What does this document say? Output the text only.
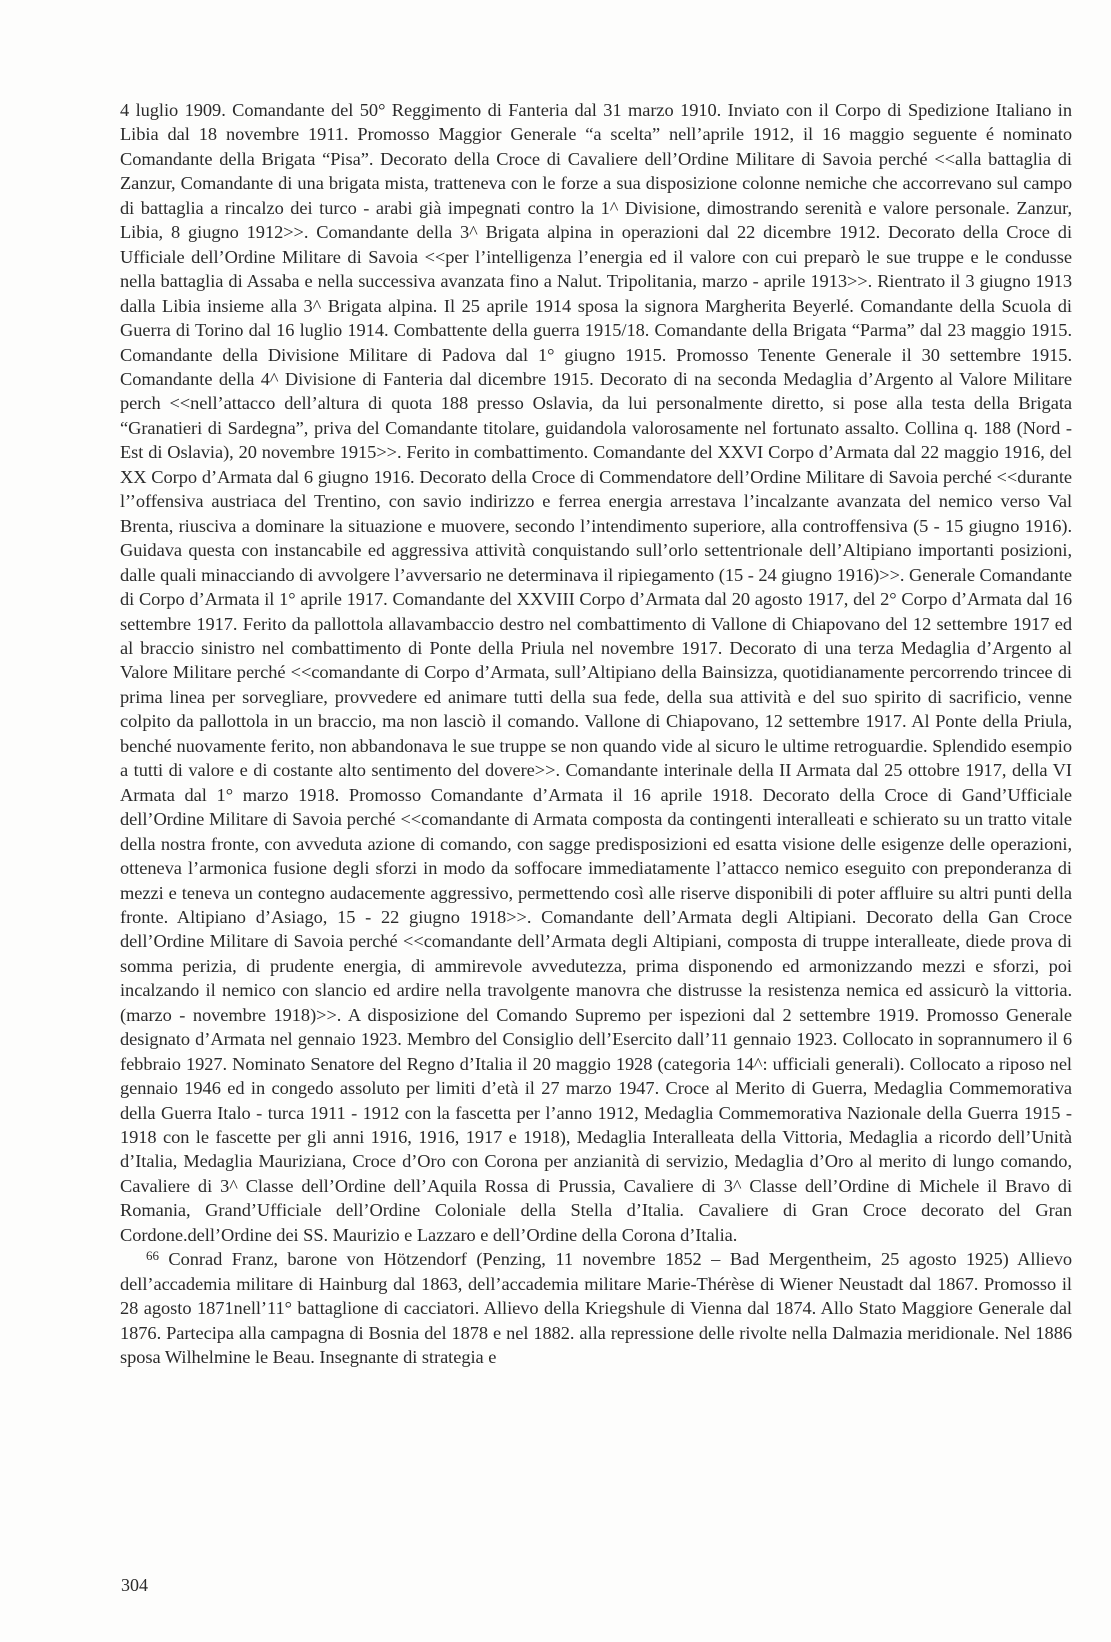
4 luglio 1909. Comandante del 50° Reggimento di Fanteria dal 31 marzo 1910. Inviato con il Corpo di Spedizione Italiano in Libia dal 18 novembre 1911. Promosso Maggior Generale “a scelta” nell’aprile 1912, il 16 maggio seguente é nominato Comandante della Brigata “Pisa”. Decorato della Croce di Cavaliere dell’Ordine Militare di Savoia perché <<alla battaglia di Zanzur, Comandante di una brigata mista, tratteneva con le forze a sua disposizione colonne nemiche che accorrevano sul campo di battaglia a rincalzo dei turco - arabi già impegnati contro la 1^ Divisione, dimostrando serenità e valore personale. Zanzur, Libia, 8 giugno 1912>>. Comandante della 3^ Brigata alpina in operazioni dal 22 dicembre 1912. Decorato della Croce di Ufficiale dell’Ordine Militare di Savoia <<per l’intelligenza l’energia ed il valore con cui preparò le sue truppe e le condusse nella battaglia di Assaba e nella successiva avanzata fino a Nalut. Tripolitania, marzo - aprile 1913>>. Rientrato il 3 giugno 1913 dalla Libia insieme alla 3^ Brigata alpina. Il 25 aprile 1914 sposa la signora Margherita Beyerlé. Comandante della Scuola di Guerra di Torino dal 16 luglio 1914. Combattente della guerra 1915/18. Comandante della Brigata “Parma” dal 23 maggio 1915. Comandante della Divisione Militare di Padova dal 1° giugno 1915. Promosso Tenente Generale il 30 settembre 1915. Comandante della 4^ Divisione di Fanteria dal dicembre 1915. Decorato di na seconda Medaglia d’Argento al Valore Militare perch <<nell’attacco dell’altura di quota 188 presso Oslavia, da lui personalmente diretto, si pose alla testa della Brigata “Granatieri di Sardegna”, priva del Comandante titolare, guidandola valorosamente nel fortunato assalto. Collina q. 188 (Nord - Est di Oslavia), 20 novembre 1915>>. Ferito in combattimento. Comandante del XXVI Corpo d’Armata dal 22 maggio 1916, del XX Corpo d’Armata dal 6 giugno 1916. Decorato della Croce di Commendatore dell’Ordine Militare di Savoia perché <<durante l’’offensiva austriaca del Trentino, con savio indirizzo e ferrea energia arrestava l’incalzante avanzata del nemico verso Val Brenta, riusciva a dominare la situazione e muovere, secondo l’intendimento superiore, alla controffensiva (5 - 15 giugno 1916). Guidava questa con instancabile ed aggressiva attività conquistando sull’orlo settentrionale dell’Altipiano importanti posizioni, dalle quali minacciando di avvolgere l’avversario ne determinava il ripiegamento (15 - 24 giugno 1916)>>. Generale Comandante di Corpo d’Armata il 1° aprile 1917. Comandante del XXVIII Corpo d’Armata dal 20 agosto 1917, del 2° Corpo d’Armata dal 16 settembre 1917. Ferito da pallottola allavambaccio destro nel combattimento di Vallone di Chiapovano del 12 settembre 1917 ed al braccio sinistro nel combattimento di Ponte della Priula nel novembre 1917. Decorato di una terza Medaglia d’Argento al Valore Militare perché <<comandante di Corpo d’Armata, sull’Altipiano della Bainsizza, quotidianamente percorrendo trincee di prima linea per sorvegliare, provvedere ed animare tutti della sua fede, della sua attività e del suo spirito di sacrificio, venne colpito da pallottola in un braccio, ma non lasciò il comando. Vallone di Chiapovano, 12 settembre 1917. Al Ponte della Priula, benché nuovamente ferito, non abbandonava le sue truppe se non quando vide al sicuro le ultime retroguardie. Splendido esempio a tutti di valore e di costante alto sentimento del dovere>>. Comandante interinale della II Armata dal 25 ottobre 1917, della VI Armata dal 1° marzo 1918. Promosso Comandante d’Armata il 16 aprile 1918. Decorato della Croce di Gand’Ufficiale dell’Ordine Militare di Savoia perché <<comandante di Armata composta da contingenti interalleati e schierato su un tratto vitale della nostra fronte, con avveduta azione di comando, con sagge predisposizioni ed esatta visione delle esigenze delle operazioni, otteneva l’armonica fusione degli sforzi in modo da soffocare immediatamente l’attacco nemico eseguito con preponderanza di mezzi e teneva un contegno audacemente aggressivo, permettendo così alle riserve disponibili di poter affluire su altri punti della fronte. Altipiano d’Asiago, 15 - 22 giugno 1918>>. Comandante dell’Armata degli Altipiani. Decorato della Gan Croce dell’Ordine Militare di Savoia perché <<comandante dell’Armata degli Altipiani, composta di truppe interalleate, diede prova di somma perizia, di prudente energia, di ammirevole avvedutezza, prima disponendo ed armonizzando mezzi e sforzi, poi incalzando il nemico con slancio ed ardire nella travolgente manovra che distrusse la resistenza nemica ed assicurò la vittoria. (marzo - novembre 1918)>>. A disposizione del Comando Supremo per ispezioni dal 2 settembre 1919. Promosso Generale designato d’Armata nel gennaio 1923. Membro del Consiglio dell’Esercito dall’11 gennaio 1923. Collocato in soprannumero il 6 febbraio 1927. Nominato Senatore del Regno d’Italia il 20 maggio 1928 (categoria 14^: ufficiali generali). Collocato a riposo nel gennaio 1946 ed in congedo assoluto per limiti d’età il 27 marzo 1947. Croce al Merito di Guerra, Medaglia Commemorativa della Guerra Italo - turca 1911 - 1912 con la fascetta per l’anno 1912, Medaglia Commemorativa Nazionale della Guerra 1915 - 1918 con le fascette per gli anni 1916, 1916, 1917 e 1918), Medaglia Interalleata della Vittoria, Medaglia a ricordo dell’Unità d’Italia, Medaglia Mauriziana, Croce d’Oro con Corona per anzianità di servizio, Medaglia d’Oro al merito di lungo comando, Cavaliere di 3^ Classe dell’Ordine dell’Aquila Rossa di Prussia, Cavaliere di 3^ Classe dell’Ordine di Michele il Bravo di Romania, Grand’Ufficiale dell’Ordine Coloniale della Stella d’Italia. Cavaliere di Gran Croce decorato del Gran Cordone.dell’Ordine dei SS. Maurizio e Lazzaro e dell’Ordine della Corona d’Italia.

$^{66}$ Conrad Franz, barone von Hötzendorf (Penzing, 11 novembre 1852 – Bad Mergentheim, 25 agosto 1925) Allievo dell’accademia militare di Hainburg dal 1863, dell’accademia militare Marie-Thérèse di Wiener Neustadt dal 1867. Promosso il 28 agosto 1871nell’11° battaglione di cacciatori. Allievo della Kriegshule di Vienna dal 1874. Allo Stato Maggiore Generale dal 1876. Partecipa alla campagna di Bosnia del 1878 e nel 1882. alla repressione delle rivolte nella Dalmazia meridionale. Nel 1886 sposa Wilhelmine le Beau. Insegnante di strategia e

304
